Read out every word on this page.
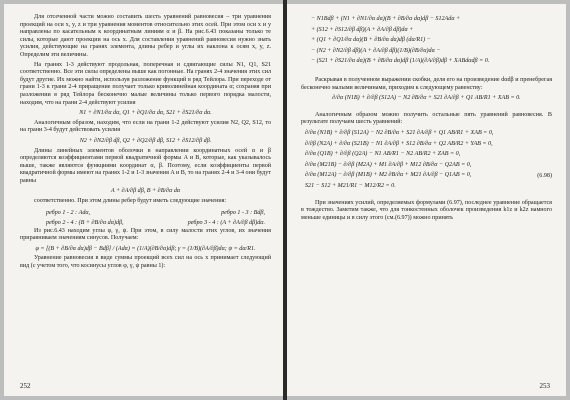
Для отсеченной части можно составить шесть уравнений равновесия – три уравнения проекций на оси x, y, z и три уравнения моментов относительно этих осей. При этом оси x и y направлены по касательным к координатным линиям α и β. На рис.6.43 показаны только те силы, которые дают проекции на ось x. Для составления уравнений равновесия нужно знать усилия, действующие на гранях элемента, длины ребер и углы их наклона к осям x, y, z. Определим эти величины.

На гранях 1-3 действуют продольная, поперечная и сдвигающие силы N1, Q1, S21 соответственно. Все эти силы определены выше как погонные. На гранях 2-4 значения этих сил будут другие. Их можно найти, используя разложение функций в ряд Тейлора. При переходе от грани 1-3 к грани 2-4 приращение получает только криволинейная координата α; сохраняя при разложении в ряд Тейлора бесконечно малые величины только первого порядка малости, находим, что на грани 2-4 действуют усилия

N1 + ∂N1/∂α dα, Q1 + ∂Q1/∂α dα, S21 + ∂S21/∂α dα.

Аналогичным образом, находим, что если на грани 1-2 действуют усилия N2, Q2, S12, то на грани 3-4 будут действовать усилия

N2 + ∂N2/∂β dβ, Q2 + ∂Q2/∂β dβ, S12 + ∂S12/∂β dβ.

Длины линейных элементов оболочки в направлении координатных осей α и β определяются коэффициентами первой квадратичной формы A и B, которые, как указывалось выше, также являются функциями координат α, β. Поэтому, если коэффициенты первой квадратичной формы имеют на гранях 1-2 и 1-3 значения A и B, то на гранях 2-4 и 3-4 они будут равны

A + ∂A/∂β dβ, B + ∂B/∂α dα

соответственно. При этом длины ребер будут иметь следующие значения:

ребро 1 - 2 : Adα,	ребро 1 - 3 : Bdβ,
ребро 2 - 4 : (B + ∂B/∂α dα)dβ,	ребро 3 - 4 : (A + ∂A/∂β dβ)dα.

Из рис.6.43 находим углы φ, γ, ψ. При этом, в силу малости этих углов, их значения приравниваем значениям синусов. Получаем:

φ = [(B + ∂B/∂α dα)dβ − Bdβ] / (Adα) = (1/A)(∂B/∂α)dβ; γ = (1/B)(∂A/∂β)dα; ψ = dα/R1.

Уравнение равновесия в виде суммы проекций всех сил на ось x принимает следующий вид (с учетом того, что косинусы углов φ, γ, ψ равны 1):

252
− N1Bdβ + (N1 + ∂N1/∂α dα)(B + ∂B/∂α dα)dβ − S12Adα +
+ (S12 + ∂S12/∂β dβ)(A + ∂A/∂β dβ)dα +
+ (Q1 + ∂Q1/∂α dα)(B + ∂B/∂α dα)dβ (dα/R1) −
− (N2 + ∂N2/∂β dβ)(A + ∂A/∂β dβ)(1/B)(∂B/∂α)dα −
− (S21 + ∂S21/∂α dα)(B + ∂B/∂α dα)dβ (1/A)(∂A/∂β)dβ + XABdαdβ = 0.

Раскрывая в полученном выражении скобки, деля его на произведение dαdβ и пренебрегая бесконечно малыми величинами, приходим к следующему равенству:

∂/∂α (N1B) + ∂/∂β (S12A) − N2 ∂B/∂α + S21 ∂A/∂β + Q1 AB/R1 + XAB = 0.

Аналогичным образом можно получить остальные пять уравнений равновесия. В результате получаем шесть уравнений:

∂/∂α (N1B) + ∂/∂β (S12A) − N2 ∂B/∂α + S21 ∂A/∂β + Q1 AB/R1 + XAB = 0,
∂/∂β (N2A) + ∂/∂α (S21B) − N1 ∂A/∂β + S12 ∂B/∂α + Q2 AB/R2 + YAB = 0,
∂/∂α (Q1B) + ∂/∂β (Q2A) − N1 AB/R1 − N2 AB/R2 + ZAB = 0,
∂/∂α (M21B) − ∂/∂β (M2A) + M1 ∂A/∂β + M12 ∂B/∂α − Q2AB = 0,
∂/∂α (M12A) − ∂/∂β (M1B) + M2 ∂B/∂α + M21 ∂A/∂β − Q1AB = 0,
S21 − S12 + M21/R1 − M12/R2 = 0.
(6.98)

При значениях усилий, определяемых формулами (6.97), последнее уравнение обращается в тождество. Заметим также, что для тонкостенных оболочек произведения k1z и k2z намного меньше единицы и в силу этого (см.(6.97)) можно принять

253
